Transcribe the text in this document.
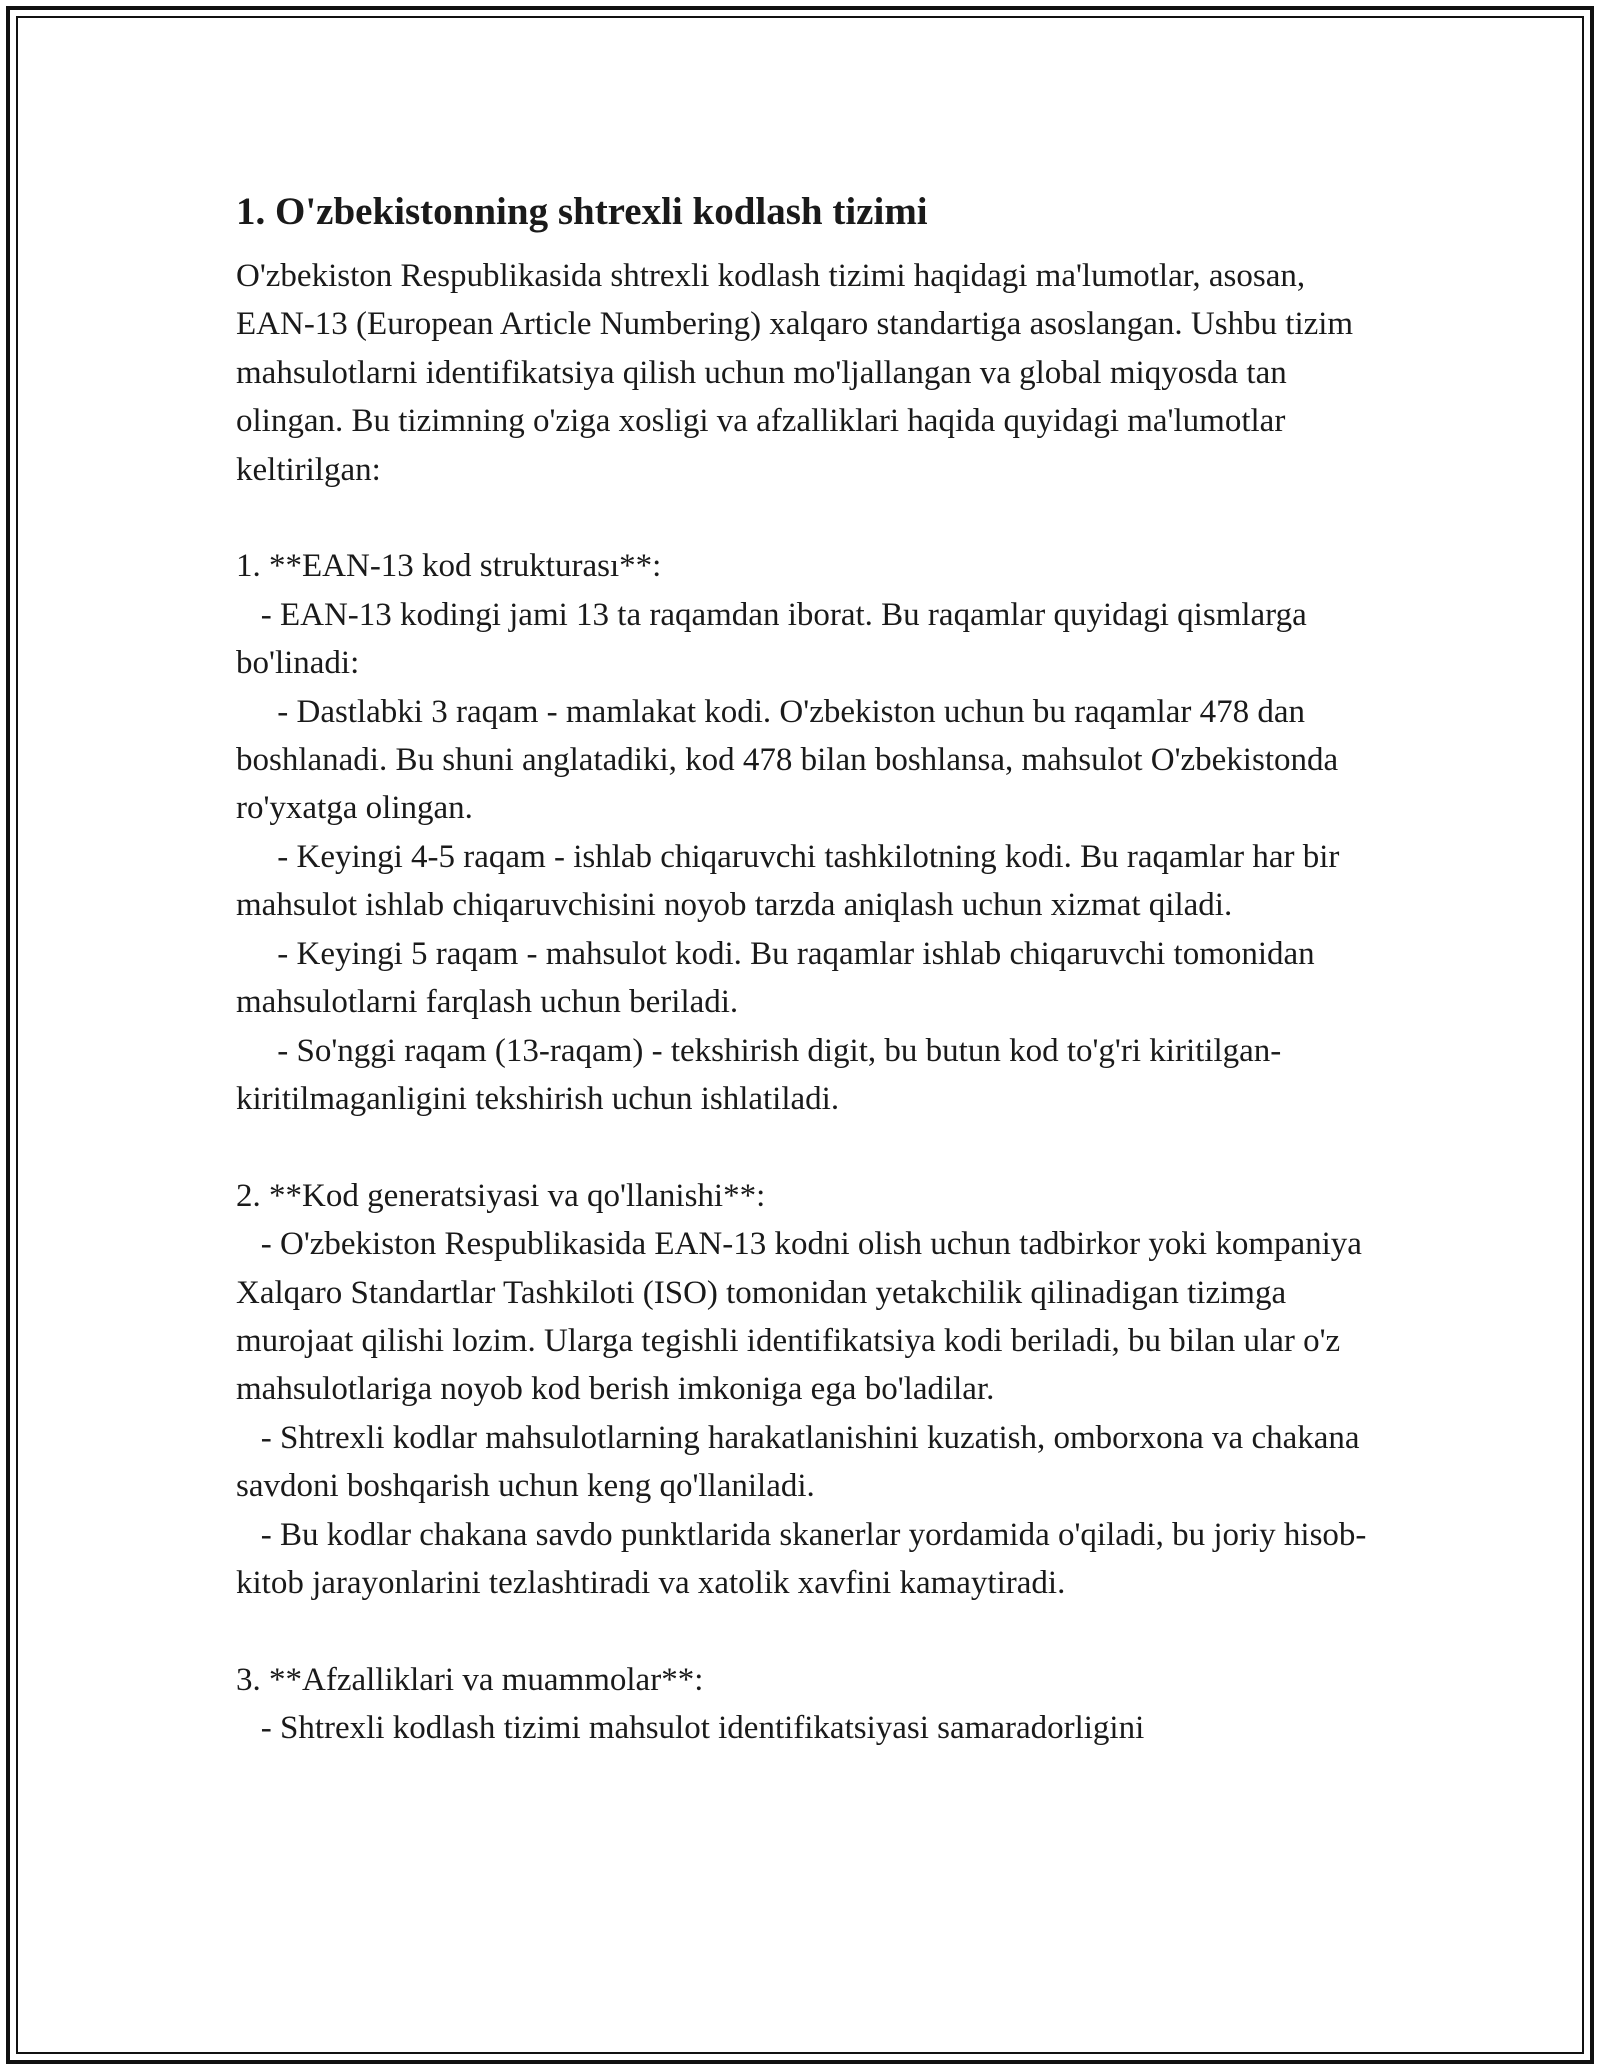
1. O'zbekistonning shtrexli kodlash tizimi

O'zbekiston Respublikasida shtrexli kodlash tizimi haqidagi ma'lumotlar, asosan, EAN-13 (European Article Numbering) xalqaro standartiga asoslangan. Ushbu tizim mahsulotlarni identifikatsiya qilish uchun mo'ljallangan va global miqyosda tan olingan. Bu tizimning o'ziga xosligi va afzalliklari haqida quyidagi ma'lumotlar keltirilgan:

1. **EAN-13 kod strukturası**:

- EAN-13 kodingi jami 13 ta raqamdan iborat. Bu raqamlar quyidagi qismlarga bo'linadi:

- Dastlabki 3 raqam - mamlakat kodi. O'zbekiston uchun bu raqamlar 478 dan boshlanadi. Bu shuni anglatadiki, kod 478 bilan boshlansa, mahsulot O'zbekistonda ro'yxatga olingan.

- Keyingi 4-5 raqam - ishlab chiqaruvchi tashkilotning kodi. Bu raqamlar har bir mahsulot ishlab chiqaruvchisini noyob tarzda aniqlash uchun xizmat qiladi.

- Keyingi 5 raqam - mahsulot kodi. Bu raqamlar ishlab chiqaruvchi tomonidan mahsulotlarni farqlash uchun beriladi.

- So'nggi raqam (13-raqam) - tekshirish digit, bu butun kod to'g'ri kiritilgan-kiritilmaganligini tekshirish uchun ishlatiladi.

2. **Kod generatsiyasi va qo'llanishi**:

- O'zbekiston Respublikasida EAN-13 kodni olish uchun tadbirkor yoki kompaniya Xalqaro Standartlar Tashkiloti (ISO) tomonidan yetakchilik qilinadigan tizimga murojaat qilishi lozim. Ularga tegishli identifikatsiya kodi beriladi, bu bilan ular o'z mahsulotlariga noyob kod berish imkoniga ega bo'ladilar.

- Shtrexli kodlar mahsulotlarning harakatlanishini kuzatish, omborxona va chakana savdoni boshqarish uchun keng qo'llaniladi.

- Bu kodlar chakana savdo punktlarida skanerlar yordamida o'qiladi, bu joriy hisob-kitob jarayonlarini tezlashtiradi va xatolik xavfini kamaytiradi.

3. **Afzalliklari va muammolar**:

- Shtrexli kodlash tizimi mahsulot identifikatsiyasi samaradorligini
